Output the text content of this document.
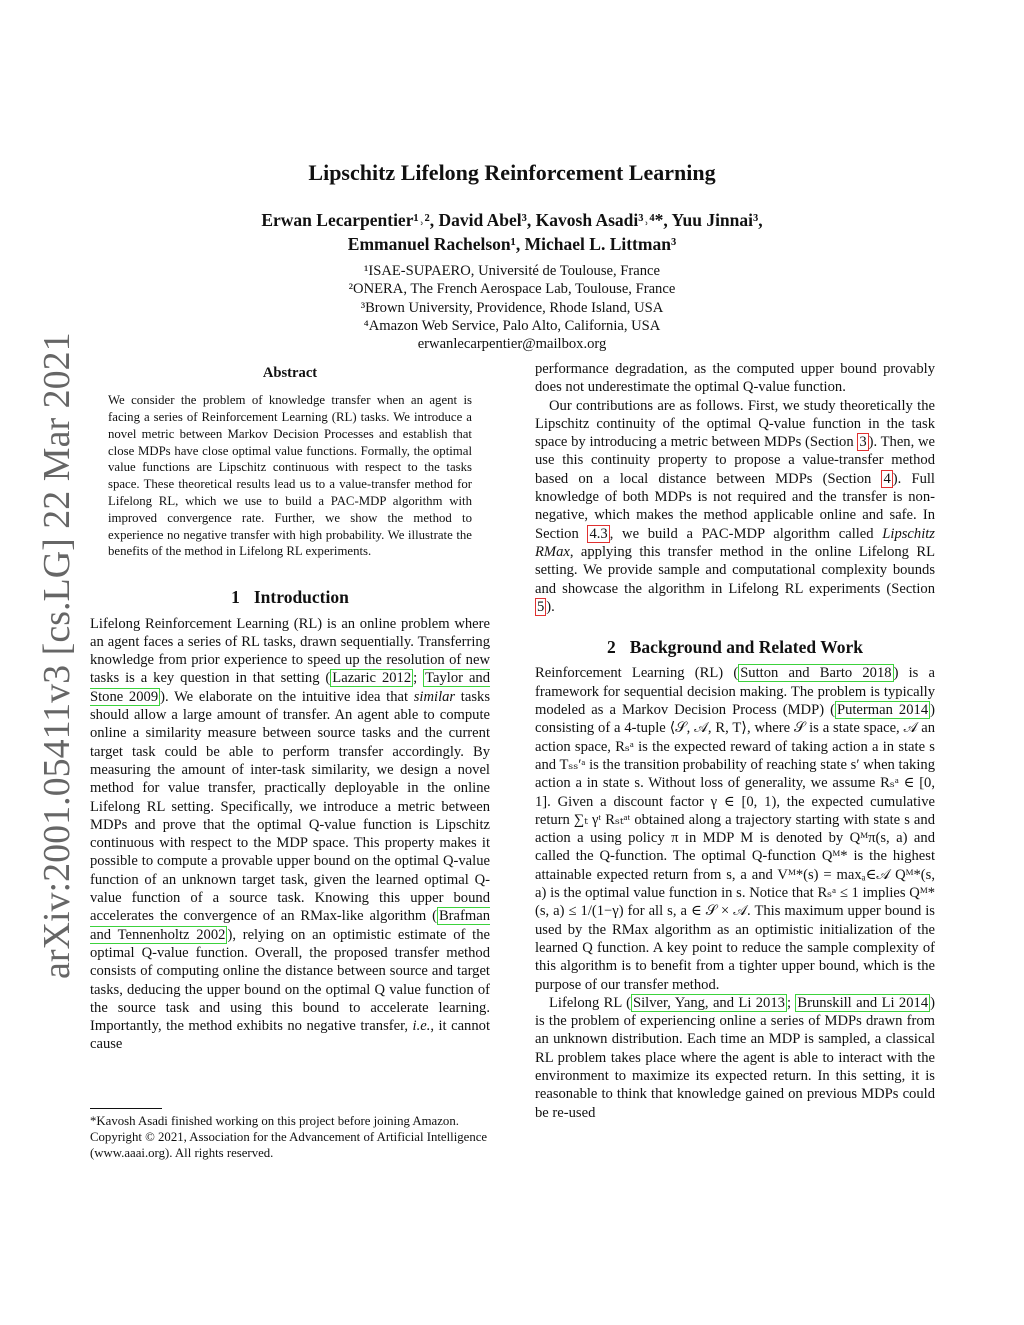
arXiv:2001.05411v3 [cs.LG] 22 Mar 2021
Lipschitz Lifelong Reinforcement Learning
Erwan Lecarpentier¹˒², David Abel³, Kavosh Asadi³˒⁴*, Yuu Jinnai³,
Emmanuel Rachelson¹, Michael L. Littman³
¹ISAE-SUPAERO, Université de Toulouse, France
²ONERA, The French Aerospace Lab, Toulouse, France
³Brown University, Providence, Rhode Island, USA
⁴Amazon Web Service, Palo Alto, California, USA
erwanlecarpentier@mailbox.org
Abstract

We consider the problem of knowledge transfer when an agent is facing a series of Reinforcement Learning (RL) tasks. We introduce a novel metric between Markov Decision Processes and establish that close MDPs have close optimal value functions. Formally, the optimal value functions are Lipschitz continuous with respect to the tasks space. These theoretical results lead us to a value-transfer method for Lifelong RL, which we use to build a PAC-MDP algorithm with improved convergence rate. Further, we show the method to experience no negative transfer with high probability. We illustrate the benefits of the method in Lifelong RL experiments.

1 Introduction

Lifelong Reinforcement Learning (RL) is an online problem where an agent faces a series of RL tasks, drawn sequentially. Transferring knowledge from prior experience to speed up the resolution of new tasks is a key question in that setting ( Lazaric 2012 ; Taylor and Stone 2009 ). We elaborate on the intuitive idea that similar tasks should allow a large amount of transfer. An agent able to compute online a similarity measure between source tasks and the current target task could be able to perform transfer accordingly. By measuring the amount of inter-task similarity, we design a novel method for value transfer, practically deployable in the online Lifelong RL setting. Specifically, we introduce a metric between MDPs and prove that the optimal Q-value function is Lipschitz continuous with respect to the MDP space. This property makes it possible to compute a provable upper bound on the optimal Q-value function of an unknown target task, given the learned optimal Q-value function of a source task. Knowing this upper bound accelerates the convergence of an RMax-like algorithm ( Brafman and Tennenholtz 2002 ), relying on an optimistic estimate of the optimal Q-value function. Overall, the proposed transfer method consists of computing online the distance between source and target tasks, deducing the upper bound on the optimal Q value function of the source task and using this bound to accelerate learning. Importantly, the method exhibits no negative transfer, i.e., it cannot cause

*Kavosh Asadi finished working on this project before joining Amazon.
Copyright © 2021, Association for the Advancement of Artificial Intelligence (www.aaai.org). All rights reserved.

performance degradation, as the computed upper bound provably does not underestimate the optimal Q-value function.

Our contributions are as follows. First, we study theoretically the Lipschitz continuity of the optimal Q-value function in the task space by introducing a metric between MDPs (Section 3 ). Then, we use this continuity property to propose a value-transfer method based on a local distance between MDPs (Section 4 ). Full knowledge of both MDPs is not required and the transfer is non-negative, which makes the method applicable online and safe. In Section 4.3 , we build a PAC-MDP algorithm called Lipschitz RMax, applying this transfer method in the online Lifelong RL setting. We provide sample and computational complexity bounds and showcase the algorithm in Lifelong RL experiments (Section 5 ).

2 Background and Related Work

Reinforcement Learning (RL) ( Sutton and Barto 2018 ) is a framework for sequential decision making. The problem is typically modeled as a Markov Decision Process (MDP) ( Puterman 2014 ) consisting of a 4-tuple ⟨𝒮, 𝒜, R, T⟩, where 𝒮 is a state space, 𝒜 an action space, Rₛᵃ is the expected reward of taking action a in state s and Tₛₛ′ᵃ is the transition probability of reaching state s′ when taking action a in state s. Without loss of generality, we assume Rₛᵃ ∈ [0, 1]. Given a discount factor γ ∈ [0, 1), the expected cumulative return ∑ₜ γᵗ Rₛₜᵃᵗ obtained along a trajectory starting with state s and action a using policy π in MDP M is denoted by Qᴹπ(s, a) and called the Q-function. The optimal Q-function Qᴹ* is the highest attainable expected return from s, a and Vᴹ*(s) = maxₐ∈𝒜 Qᴹ*(s, a) is the optimal value function in s. Notice that Rₛᵃ ≤ 1 implies Qᴹ*(s, a) ≤ 1/(1−γ) for all s, a ∈ 𝒮 × 𝒜. This maximum upper bound is used by the RMax algorithm as an optimistic initialization of the learned Q function. A key point to reduce the sample complexity of this algorithm is to benefit from a tighter upper bound, which is the purpose of our transfer method.

Lifelong RL ( Silver, Yang, and Li 2013 ; Brunskill and Li 2014 ) is the problem of experiencing online a series of MDPs drawn from an unknown distribution. Each time an MDP is sampled, a classical RL problem takes place where the agent is able to interact with the environment to maximize its expected return. In this setting, it is reasonable to think that knowledge gained on previous MDPs could be re-used
